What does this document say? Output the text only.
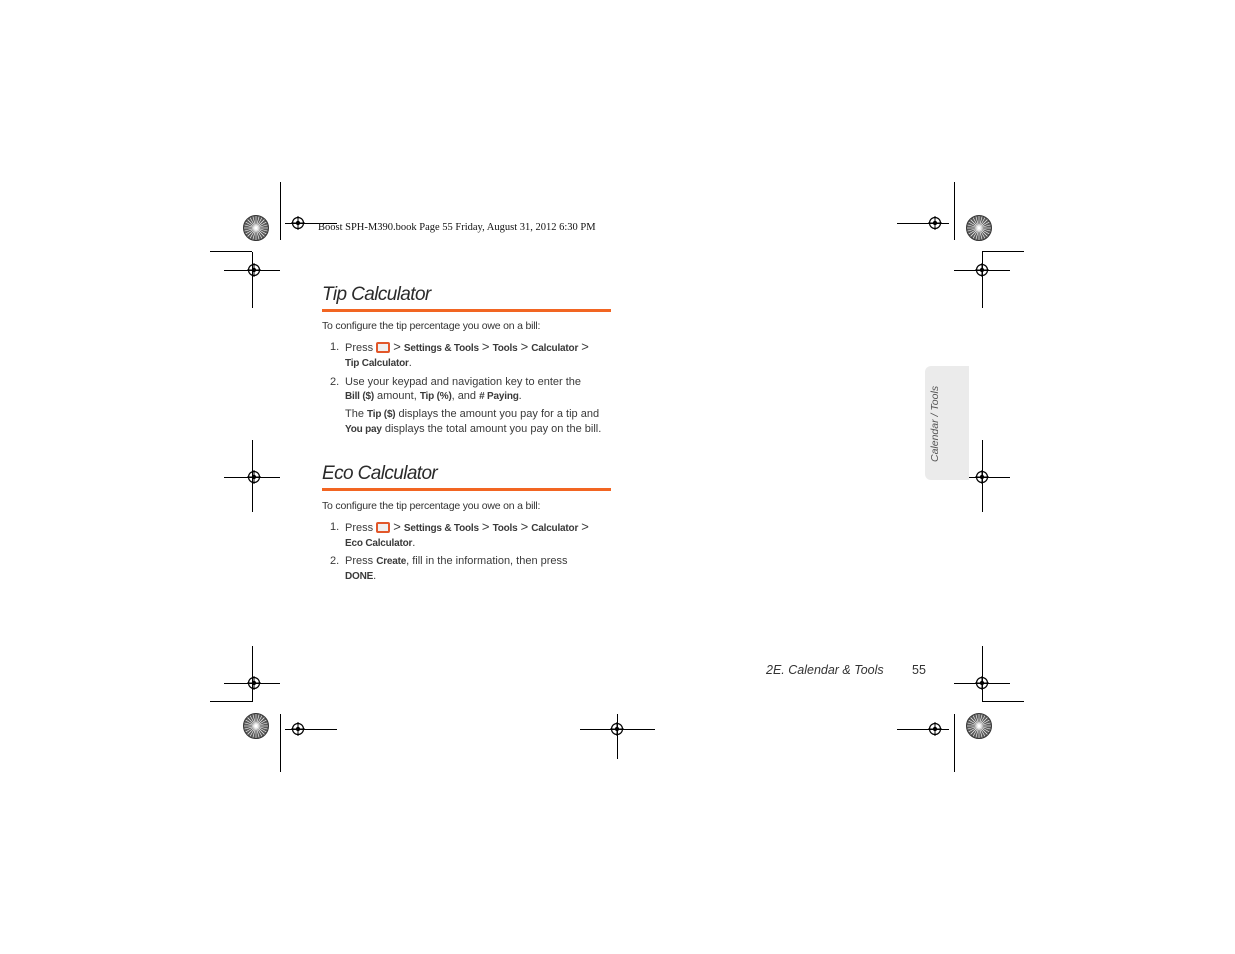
Boost SPH-M390.book Page 55 Friday, August 31, 2012 6:30 PM
Tip Calculator
To configure the tip percentage you owe on a bill:
1. Press > Settings & Tools > Tools > Calculator >
Tip Calculator.
2. Use your keypad and navigation key to enter the
Bill ($) amount, Tip (%), and # Paying.
The Tip ($) displays the amount you pay for a tip and You pay displays the total amount you pay on the bill.
Eco Calculator
To configure the tip percentage you owe on a bill:
1. Press > Settings & Tools > Tools > Calculator >
Eco Calculator.
2. Press Create, fill in the information, then press
DONE.
Calendar / Tools
2E. Calendar & Tools 55
